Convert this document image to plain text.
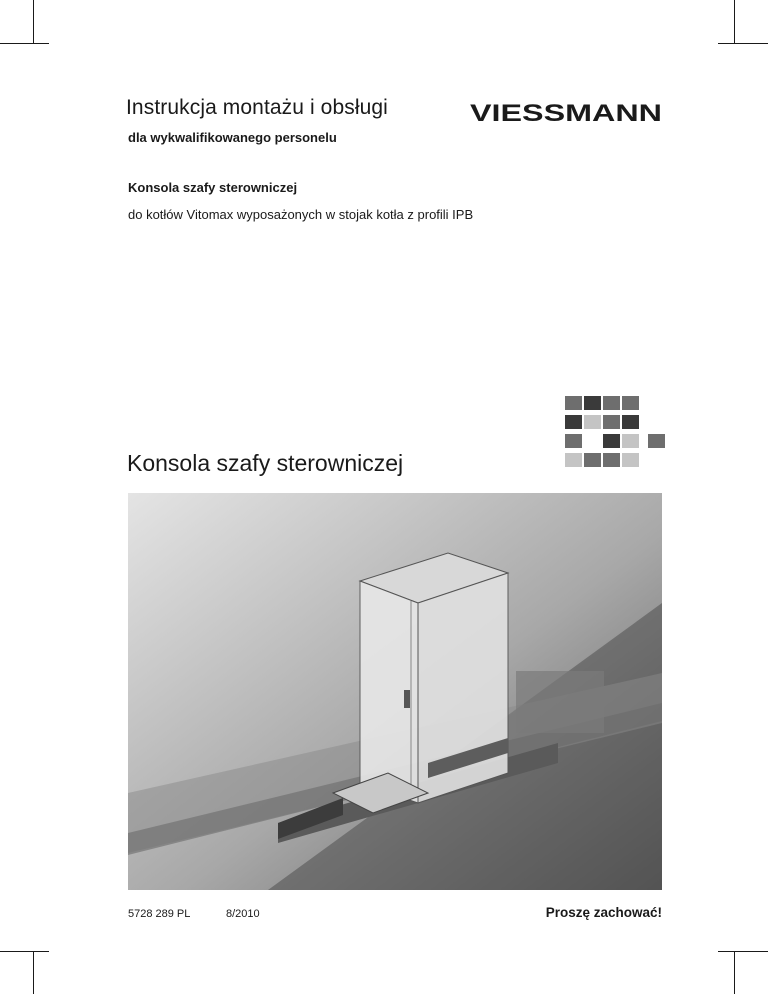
Instrukcja montażu i obsługi
dla wykwalifikowanego personelu
VIESSMANN
Konsola szafy sterowniczej
do kotłów Vitomax wyposażonych w stojak kotła z profili IPB
Konsola szafy sterowniczej
5728 289 PL	8/2010	Proszę zachować!
